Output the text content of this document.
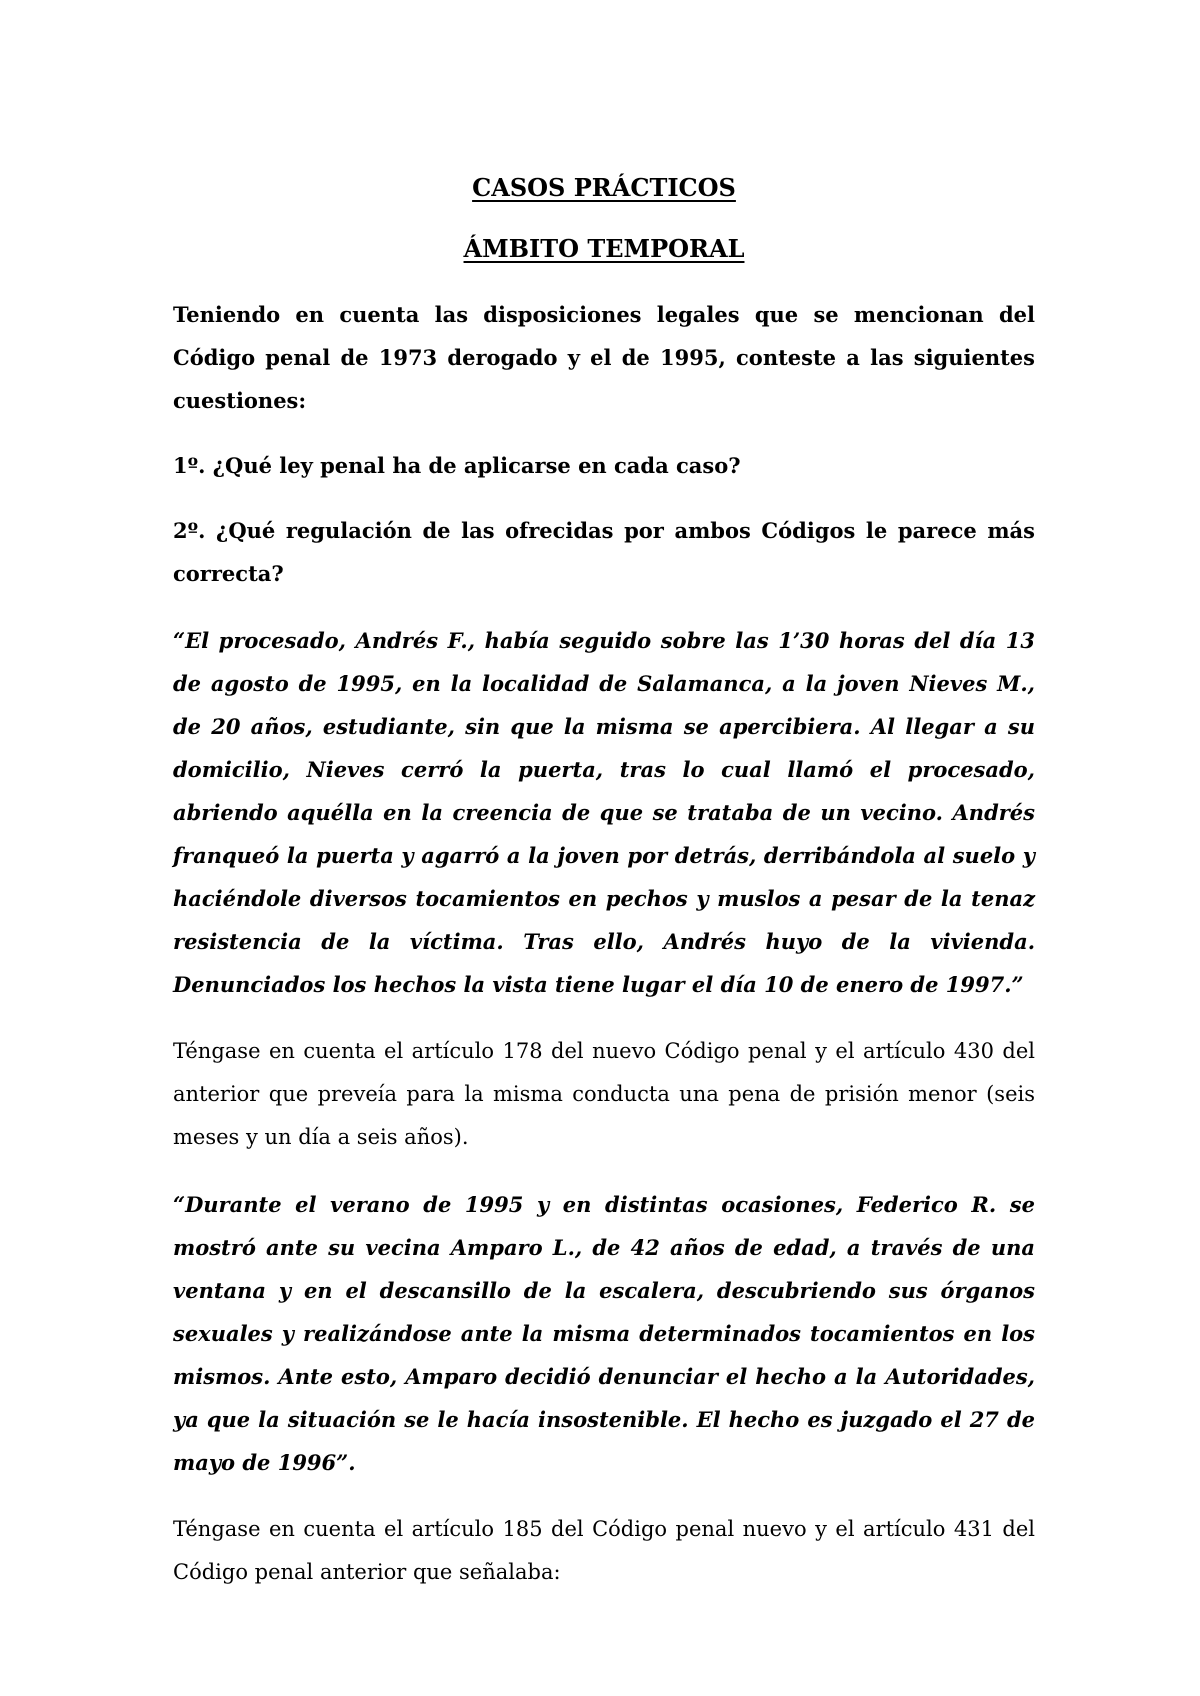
CASOS PRÁCTICOS
ÁMBITO TEMPORAL

Teniendo en cuenta las disposiciones legales que se mencionan del Código penal de 1973 derogado y el de 1995, conteste a las siguientes cuestiones:

1º. ¿Qué ley penal ha de aplicarse en cada caso?

2º. ¿Qué regulación de las ofrecidas por ambos Códigos le parece más correcta?

“El procesado, Andrés F., había seguido sobre las 1’30 horas del día 13 de agosto de 1995, en la localidad de Salamanca, a la joven Nieves M., de 20 años, estudiante, sin que la misma se apercibiera. Al llegar a su domicilio, Nieves cerró la puerta, tras lo cual llamó el procesado, abriendo aquélla en la creencia de que se trataba de un vecino. Andrés franqueó la puerta y agarró a la joven por detrás, derribándola al suelo y haciéndole diversos tocamientos en pechos y muslos a pesar de la tenaz resistencia de la víctima. Tras ello, Andrés huyo de la vivienda. Denunciados los hechos la vista tiene lugar el día 10 de enero de 1997.”

Téngase en cuenta el artículo 178 del nuevo Código penal y el artículo 430 del anterior que preveía para la misma conducta una pena de prisión menor (seis meses y un día a seis años).

“Durante el verano de 1995 y en distintas ocasiones, Federico R. se mostró ante su vecina Amparo L., de 42 años de edad, a través de una ventana y en el descansillo de la escalera, descubriendo sus órganos sexuales y realizándose ante la misma determinados tocamientos en los mismos. Ante esto, Amparo decidió denunciar el hecho a la Autoridades, ya que la situación se le hacía insostenible. El hecho es juzgado el 27 de mayo de 1996”.

Téngase en cuenta el artículo 185 del Código penal nuevo y el artículo 431 del Código penal anterior que señalaba:
